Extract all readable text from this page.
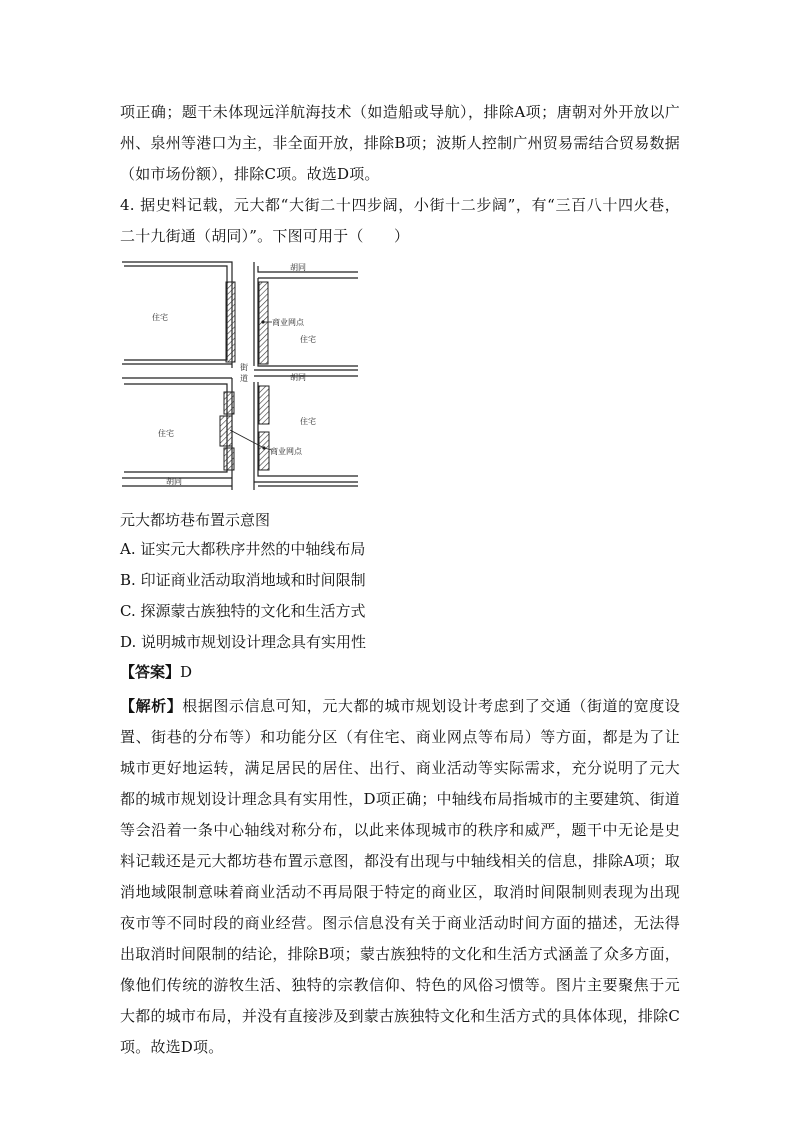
项正确；题干未体现远洋航海技术（如造船或导航），排除A项；唐朝对外开放以广州、泉州等港口为主，非全面开放，排除B项；波斯人控制广州贸易需结合贸易数据（如市场份额），排除C项。故选D项。

4. 据史料记载，元大都“大街二十四步阔，小街十二步阔”，有“三百八十四火巷，二十九街通（胡同）”。下图可用于（　　）

胡同
住宅
商业网点
住宅
街
道	胡同
住宅
住宅
商业网点
胡同

元大都坊巷布置示意图

A. 证实元大都秩序井然的中轴线布局

B. 印证商业活动取消地域和时间限制

C. 探源蒙古族独特的文化和生活方式

D. 说明城市规划设计理念具有实用性

【答案】D

【解析】根据图示信息可知，元大都的城市规划设计考虑到了交通（街道的宽度设置、街巷的分布等）和功能分区（有住宅、商业网点等布局）等方面，都是为了让城市更好地运转，满足居民的居住、出行、商业活动等实际需求，充分说明了元大都的城市规划设计理念具有实用性，D项正确；中轴线布局指城市的主要建筑、街道等会沿着一条中心轴线对称分布，以此来体现城市的秩序和威严，题干中无论是史料记载还是元大都坊巷布置示意图，都没有出现与中轴线相关的信息，排除A项；取消地域限制意味着商业活动不再局限于特定的商业区，取消时间限制则表现为出现夜市等不同时段的商业经营。图示信息没有关于商业活动时间方面的描述，无法得出取消时间限制的结论，排除B项；蒙古族独特的文化和生活方式涵盖了众多方面，像他们传统的游牧生活、独特的宗教信仰、特色的风俗习惯等。图片主要聚焦于元大都的城市布局，并没有直接涉及到蒙古族独特文化和生活方式的具体体现，排除C项。故选D项。
